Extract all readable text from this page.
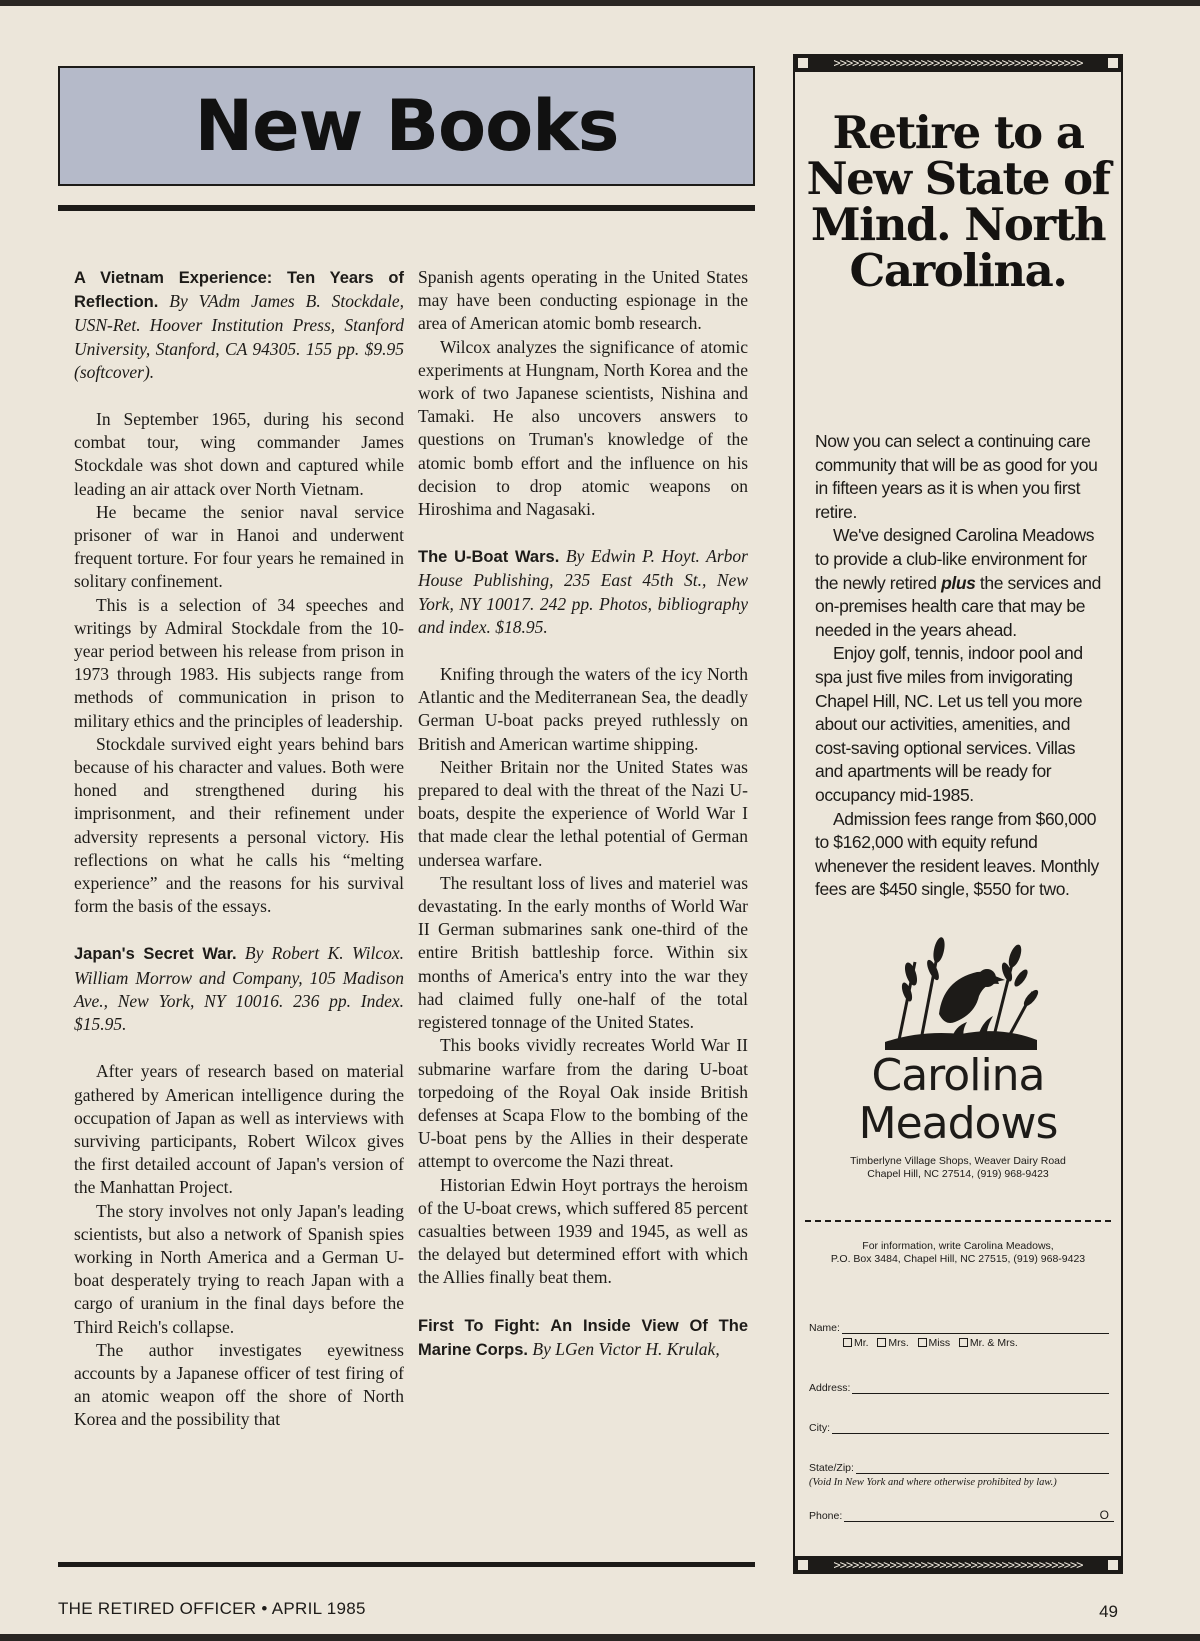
New Books

A Vietnam Experience: Ten Years of Reflection. By VAdm James B. Stockdale, USN-Ret. Hoover Institution Press, Stanford University, Stanford, CA 94305. 155 pp. $9.95 (softcover).

In September 1965, during his second combat tour, wing commander James Stockdale was shot down and captured while leading an air attack over North Vietnam.

He became the senior naval service prisoner of war in Hanoi and underwent frequent torture. For four years he remained in solitary confinement.

This is a selection of 34 speeches and writings by Admiral Stockdale from the 10-year period between his release from prison in 1973 through 1983. His subjects range from methods of communication in prison to military ethics and the principles of leadership.

Stockdale survived eight years behind bars because of his character and values. Both were honed and strengthened during his imprisonment, and their refinement under adversity represents a personal victory. His reflections on what he calls his “melting experience” and the reasons for his survival form the basis of the essays.

Japan's Secret War. By Robert K. Wilcox. William Morrow and Company, 105 Madison Ave., New York, NY 10016. 236 pp. Index. $15.95.

After years of research based on material gathered by American intelligence during the occupation of Japan as well as interviews with surviving participants, Robert Wilcox gives the first detailed account of Japan's version of the Manhattan Project.

The story involves not only Japan's leading scientists, but also a network of Spanish spies working in North America and a German U-boat desperately trying to reach Japan with a cargo of uranium in the final days before the Third Reich's collapse.

The author investigates eyewitness accounts by a Japanese officer of test firing of an atomic weapon off the shore of North Korea and the possibility that

Spanish agents operating in the United States may have been conducting espionage in the area of American atomic bomb research.

Wilcox analyzes the significance of atomic experiments at Hungnam, North Korea and the work of two Japanese scientists, Nishina and Tamaki. He also uncovers answers to questions on Truman's knowledge of the atomic bomb effort and the influence on his decision to drop atomic weapons on Hiroshima and Nagasaki.

The U-Boat Wars. By Edwin P. Hoyt. Arbor House Publishing, 235 East 45th St., New York, NY 10017. 242 pp. Photos, bibliography and index. $18.95.

Knifing through the waters of the icy North Atlantic and the Mediterranean Sea, the deadly German U-boat packs preyed ruthlessly on British and American wartime shipping.

Neither Britain nor the United States was prepared to deal with the threat of the Nazi U-boats, despite the experience of World War I that made clear the lethal potential of German undersea warfare.

The resultant loss of lives and materiel was devastating. In the early months of World War II German submarines sank one-third of the entire British battleship force. Within six months of America's entry into the war they had claimed fully one-half of the total registered tonnage of the United States.

This books vividly recreates World War II submarine warfare from the daring U-boat torpedoing of the Royal Oak inside British defenses at Scapa Flow to the bombing of the U-boat pens by the Allies in their desperate attempt to overcome the Nazi threat.

Historian Edwin Hoyt portrays the heroism of the U-boat crews, which suffered 85 percent casualties between 1939 and 1945, as well as the delayed but determined effort with which the Allies finally beat them.

First To Fight: An Inside View Of The Marine Corps. By LGen Victor H. Krulak,

>>>>>>>>>>>>>>>>>>>>>>>>>>>>>>>>>>>>>>>>
Retire to a New State of Mind. North Carolina.

Now you can select a continuing care community that will be as good for you in fifteen years as it is when you first retire.

We've designed Carolina Meadows to provide a club-like environment for the newly retired plus the services and on-premises health care that may be needed in the years ahead.

Enjoy golf, tennis, indoor pool and spa just five miles from invigorating Chapel Hill, NC. Let us tell you more about our activities, amenities, and cost-saving optional services. Villas and apartments will be ready for occupancy mid-1985.

Admission fees range from $60,000 to $162,000 with equity refund whenever the resident leaves. Monthly fees are $450 single, $550 for two.

Carolina
Meadows
Timberlyne Village Shops, Weaver Dairy Road
Chapel Hill, NC 27514, (919) 968-9423
For information, write Carolina Meadows,
P.O. Box 3484, Chapel Hill, NC 27515, (919) 968-9423
Name:
Mr. Mrs. Miss Mr. & Mrs.
Address:
City:
State/Zip:
(Void In New York and where otherwise prohibited by law.)
Phone:	O
>>>>>>>>>>>>>>>>>>>>>>>>>>>>>>>>>>>>>>>>
THE RETIRED OFFICER • APRIL 1985	49
